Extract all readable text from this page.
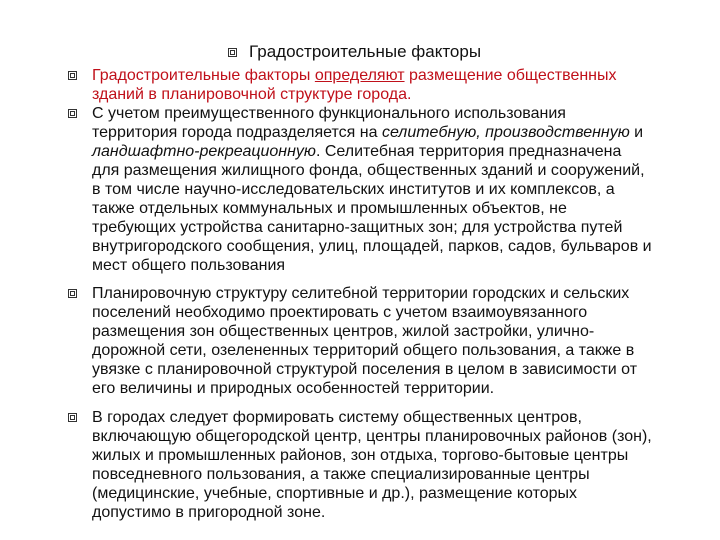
Градостроительные факторы
Градостроительные факторы определяют размещение общественных зданий в планировочной структуре города.
С учетом преимущественного функционального использования территория города подразделяется на селитебную, производственную и ландшафтно-рекреационную. Селитебная территория предназначена для размещения жилищного фонда, общественных зданий и сооружений, в том числе научно-исследовательских институтов и их комплексов, а также отдельных коммунальных и промышленных объектов, не требующих устройства санитарно-защитных зон; для устройства путей внутригородского сообщения, улиц, площадей, парков, садов, бульваров и мест общего пользования
Планировочную структуру селитебной территории городских и сельских поселений необходимо проектировать с учетом взаимоувязанного размещения зон общественных центров, жилой застройки, улично-дорожной сети, озелененных территорий общего пользования, а также в увязке с планировочной структурой поселения в целом в зависимости от его величины и природных особенностей территории.
В городах следует формировать систему общественных центров, включающую общегородской центр, центры планировочных районов (зон), жилых и промышленных районов, зон отдыха, торгово-бытовые центры повседневного пользования, а также специализированные центры (медицинские, учебные, спортивные и др.), размещение которых допустимо в пригородной зоне.
